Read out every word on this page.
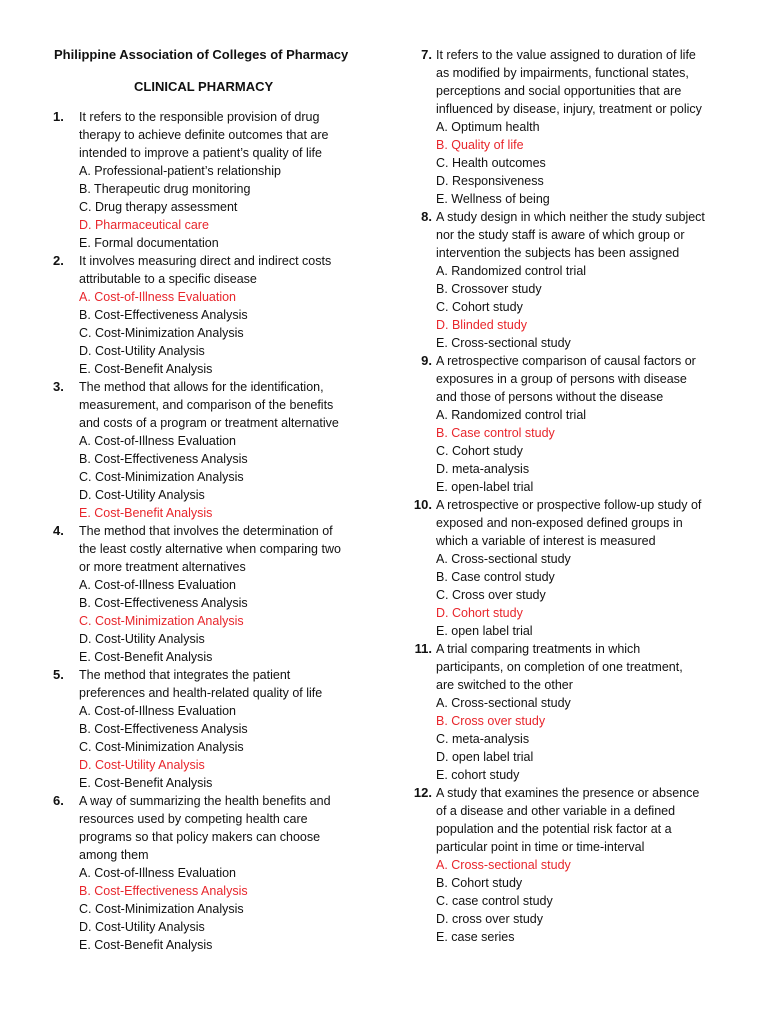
Philippine Association of Colleges of Pharmacy
CLINICAL PHARMACY
1.	It refers to the responsible provision of drug
therapy to achieve definite outcomes that are
intended to improve a patient’s quality of life
A. Professional-patient’s relationship
B. Therapeutic drug monitoring
C. Drug therapy assessment
D. Pharmaceutical care
E. Formal documentation
2.	It involves measuring direct and indirect costs
attributable to a specific disease
A. Cost-of-Illness Evaluation
B. Cost-Effectiveness Analysis
C. Cost-Minimization Analysis
D. Cost-Utility Analysis
E. Cost-Benefit Analysis
3.	The method that allows for the identification,
measurement, and comparison of the benefits
and costs of a program or treatment alternative
A. Cost-of-Illness Evaluation
B. Cost-Effectiveness Analysis
C. Cost-Minimization Analysis
D. Cost-Utility Analysis
E. Cost-Benefit Analysis
4.	The method that involves the determination of
the least costly alternative when comparing two
or more treatment alternatives
A. Cost-of-Illness Evaluation
B. Cost-Effectiveness Analysis
C. Cost-Minimization Analysis
D. Cost-Utility Analysis
E. Cost-Benefit Analysis
5.	The method that integrates the patient
preferences and health-related quality of life
A. Cost-of-Illness Evaluation
B. Cost-Effectiveness Analysis
C. Cost-Minimization Analysis
D. Cost-Utility Analysis
E. Cost-Benefit Analysis
6.	A way of summarizing the health benefits and
resources used by competing health care
programs so that policy makers can choose
among them
A. Cost-of-Illness Evaluation
B. Cost-Effectiveness Analysis
C. Cost-Minimization Analysis
D. Cost-Utility Analysis
E. Cost-Benefit Analysis
7. It refers to the value assigned to duration of life
as modified by impairments, functional states,
perceptions and social opportunities that are
influenced by disease, injury, treatment or policy
A. Optimum health
B. Quality of life
C. Health outcomes
D. Responsiveness
E. Wellness of being
8. A study design in which neither the study subject
nor the study staff is aware of which group or
intervention the subjects has been assigned
A. Randomized control trial
B. Crossover study
C. Cohort study
D. Blinded study
E. Cross-sectional study
9. A retrospective comparison of causal factors or
exposures in a group of persons with disease
and those of persons without the disease
A. Randomized control trial
B. Case control study
C. Cohort study
D. meta-analysis
E. open-label trial
10. A retrospective or prospective follow-up study of
exposed and non-exposed defined groups in
which a variable of interest is measured
A. Cross-sectional study
B. Case control study
C. Cross over study
D. Cohort study
E. open label trial
11. A trial comparing treatments in which
participants, on completion of one treatment,
are switched to the other
A. Cross-sectional study
B. Cross over study
C. meta-analysis
D. open label trial
E. cohort study
12. A study that examines the presence or absence
of a disease and other variable in a defined
population and the potential risk factor at a
particular point in time or time-interval
A. Cross-sectional study
B. Cohort study
C. case control study
D. cross over study
E. case series
